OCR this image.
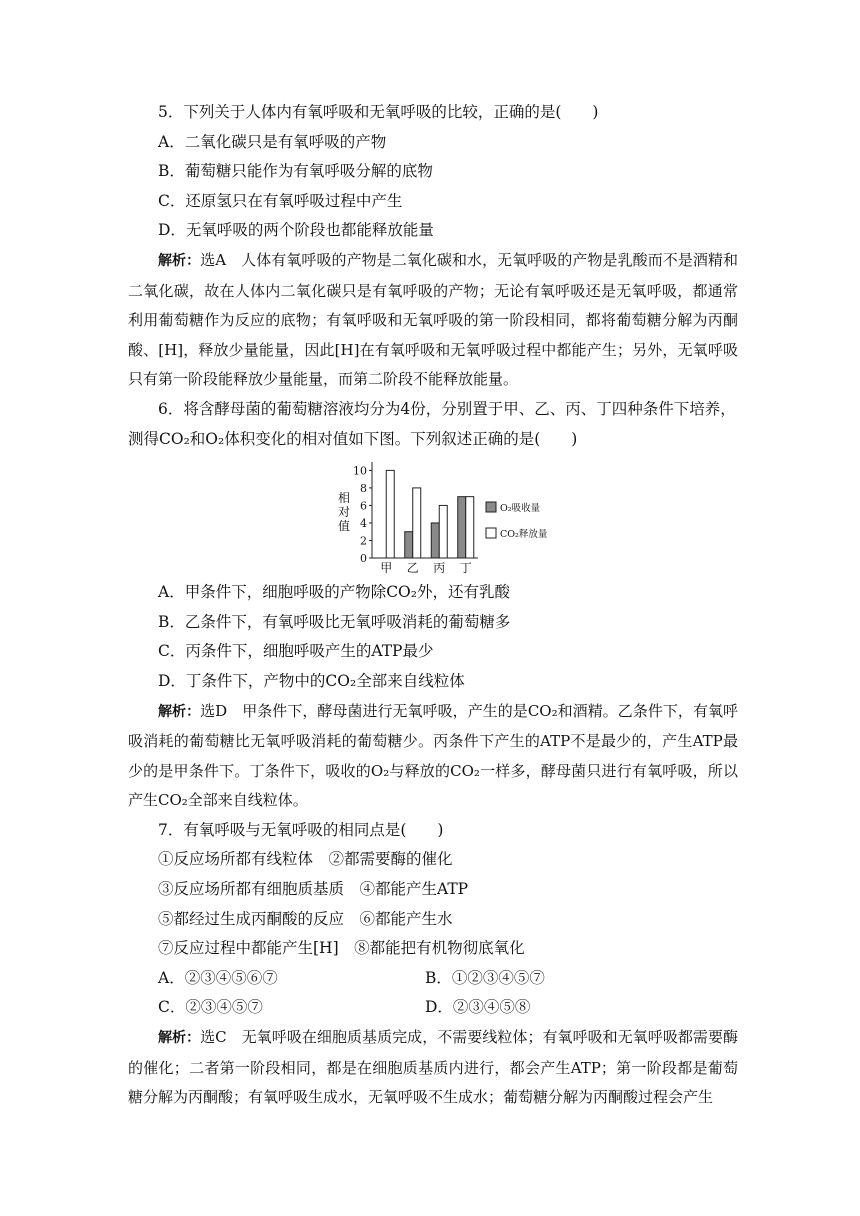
5．下列关于人体内有氧呼吸和无氧呼吸的比较，正确的是(　　)
A．二氧化碳只是有氧呼吸的产物
B．葡萄糖只能作为有氧呼吸分解的底物
C．还原氢只在有氧呼吸过程中产生
D．无氧呼吸的两个阶段也都能释放能量
解析：选A　人体有氧呼吸的产物是二氧化碳和水，无氧呼吸的产物是乳酸而不是酒精和二氧化碳，故在人体内二氧化碳只是有氧呼吸的产物；无论有氧呼吸还是无氧呼吸，都通常利用葡萄糖作为反应的底物；有氧呼吸和无氧呼吸的第一阶段相同，都将葡萄糖分解为丙酮酸、[H]，释放少量能量，因此[H]在有氧呼吸和无氧呼吸过程中都能产生；另外，无氧呼吸只有第一阶段能释放少量能量，而第二阶段不能释放能量。
6．将含酵母菌的葡萄糖溶液均分为4份，分别置于甲、乙、丙、丁四种条件下培养，测得CO₂和O₂体积变化的相对值如下图。下列叙述正确的是(　　)
相
对
值
0
2
4
6
8
10
甲 乙 丙 丁
O₂吸收量
CO₂释放量
A．甲条件下，细胞呼吸的产物除CO₂外，还有乳酸
B．乙条件下，有氧呼吸比无氧呼吸消耗的葡萄糖多
C．丙条件下，细胞呼吸产生的ATP最少
D．丁条件下，产物中的CO₂全部来自线粒体
解析：选D　甲条件下，酵母菌进行无氧呼吸，产生的是CO₂和酒精。乙条件下，有氧呼吸消耗的葡萄糖比无氧呼吸消耗的葡萄糖少。丙条件下产生的ATP不是最少的，产生ATP最少的是甲条件下。丁条件下，吸收的O₂与释放的CO₂一样多，酵母菌只进行有氧呼吸，所以产生CO₂全部来自线粒体。
7．有氧呼吸与无氧呼吸的相同点是(　　)
①反应场所都有线粒体　②都需要酶的催化
③反应场所都有细胞质基质　④都能产生ATP
⑤都经过生成丙酮酸的反应　⑥都能产生水
⑦反应过程中都能产生[H]　⑧都能把有机物彻底氧化
A．②③④⑤⑥⑦	B．①②③④⑤⑦
C．②③④⑤⑦	D．②③④⑤⑧
解析：选C　无氧呼吸在细胞质基质完成，不需要线粒体；有氧呼吸和无氧呼吸都需要酶的催化；二者第一阶段相同，都是在细胞质基质内进行，都会产生ATP；第一阶段都是葡萄糖分解为丙酮酸；有氧呼吸生成水，无氧呼吸不生成水；葡萄糖分解为丙酮酸过程会产生
